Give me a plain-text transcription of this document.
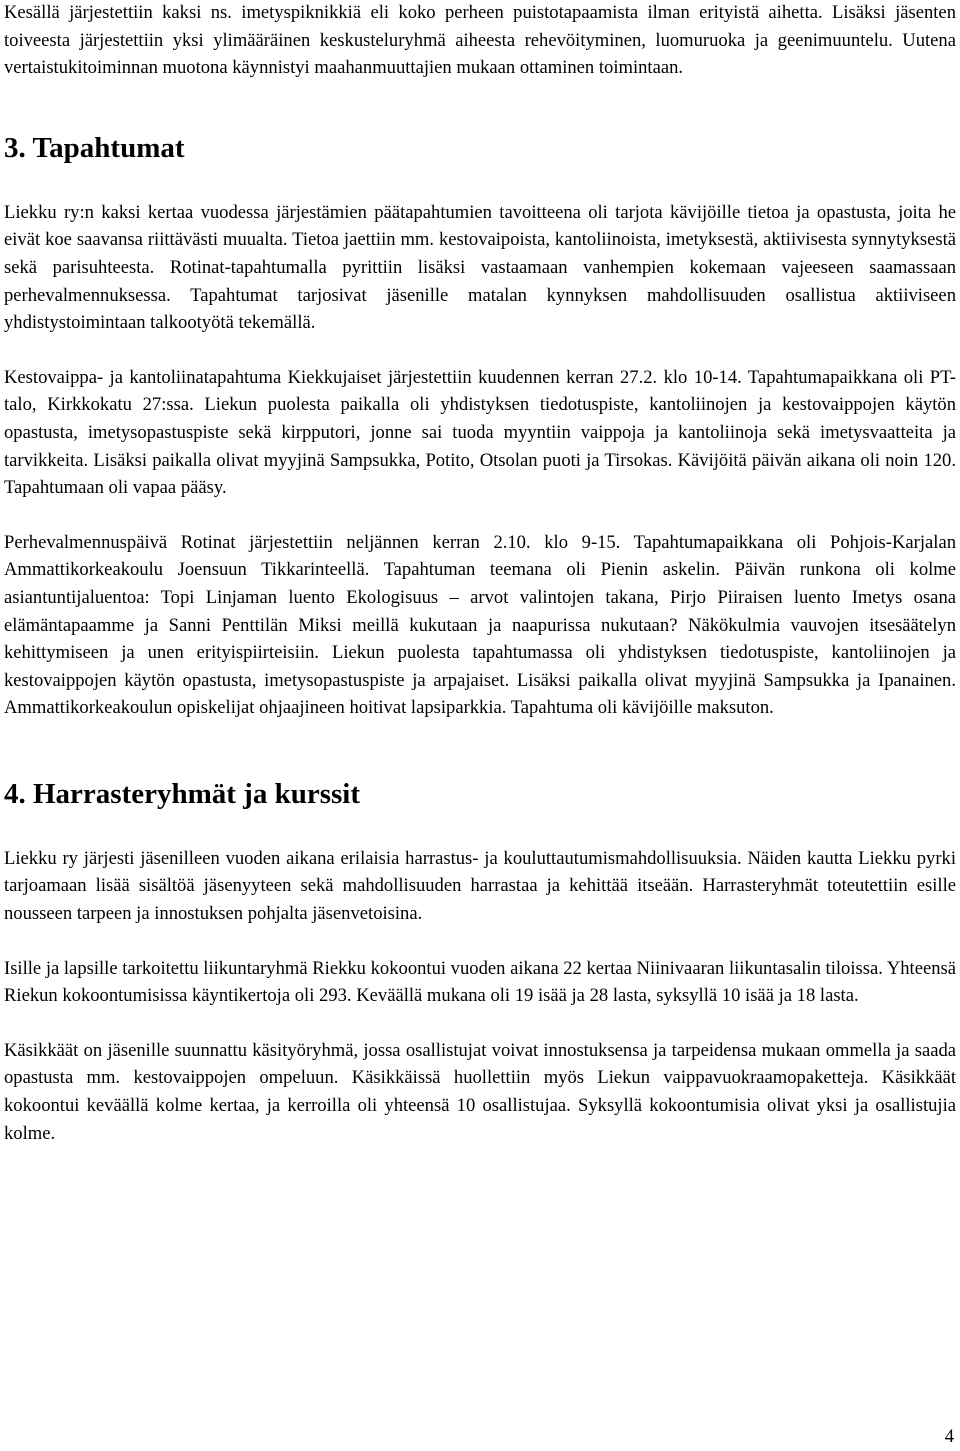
Kesällä järjestettiin kaksi ns. imetyspiknikkiä eli koko perheen puistotapaamista ilman erityistä aihetta. Lisäksi jäsenten toiveesta järjestettiin yksi ylimääräinen keskusteluryhmä aiheesta rehevöityminen, luomuruoka ja geenimuuntelu. Uutena vertaistukitoiminnan muotona käynnistyi maahanmuuttajien mukaan ottaminen toimintaan.

3. Tapahtumat

Liekku ry:n kaksi kertaa vuodessa järjestämien päätapahtumien tavoitteena oli tarjota kävijöille tietoa ja opastusta, joita he eivät koe saavansa riittävästi muualta. Tietoa jaettiin mm. kestovaipoista, kantoliinoista, imetyksestä, aktiivisesta synnytyksestä sekä parisuhteesta. Rotinat-tapahtumalla pyrittiin lisäksi vastaamaan vanhempien kokemaan vajeeseen saamassaan perhevalmennuksessa. Tapahtumat tarjosivat jäsenille matalan kynnyksen mahdollisuuden osallistua aktiiviseen yhdistystoimintaan talkootyötä tekemällä.

Kestovaippa- ja kantoliinatapahtuma Kiekkujaiset järjestettiin kuudennen kerran 27.2. klo 10-14. Tapahtumapaikkana oli PT-talo, Kirkkokatu 27:ssa. Liekun puolesta paikalla oli yhdistyksen tiedotuspiste, kantoliinojen ja kestovaippojen käytön opastusta, imetysopastuspiste sekä kirpputori, jonne sai tuoda myyntiin vaippoja ja kantoliinoja sekä imetysvaatteita ja tarvikkeita. Lisäksi paikalla olivat myyjinä Sampsukka, Potito, Otsolan puoti ja Tirsokas. Kävijöitä päivän aikana oli noin 120. Tapahtumaan oli vapaa pääsy.

Perhevalmennuspäivä Rotinat järjestettiin neljännen kerran 2.10. klo 9-15. Tapahtumapaikkana oli Pohjois-Karjalan Ammattikorkeakoulu Joensuun Tikkarinteellä. Tapahtuman teemana oli Pienin askelin. Päivän runkona oli kolme asiantuntijaluentoa: Topi Linjaman luento Ekologisuus – arvot valintojen takana, Pirjo Piiraisen luento Imetys osana elämäntapaamme ja Sanni Penttilän Miksi meillä kukutaan ja naapurissa nukutaan? Näkökulmia vauvojen itsesäätelyn kehittymiseen ja unen erityispiirteisiin. Liekun puolesta tapahtumassa oli yhdistyksen tiedotuspiste, kantoliinojen ja kestovaippojen käytön opastusta, imetysopastuspiste ja arpajaiset. Lisäksi paikalla olivat myyjinä Sampsukka ja Ipanainen. Ammattikorkeakoulun opiskelijat ohjaajineen hoitivat lapsiparkkia. Tapahtuma oli kävijöille maksuton.

4. Harrasteryhmät ja kurssit

Liekku ry järjesti jäsenilleen vuoden aikana erilaisia harrastus- ja kouluttautumismahdollisuuksia. Näiden kautta Liekku pyrki tarjoamaan lisää sisältöä jäsenyyteen sekä mahdollisuuden harrastaa ja kehittää itseään. Harrasteryhmät toteutettiin esille nousseen tarpeen ja innostuksen pohjalta jäsenvetoisina.

Isille ja lapsille tarkoitettu liikuntaryhmä Riekku kokoontui vuoden aikana 22 kertaa Niinivaaran liikuntasalin tiloissa. Yhteensä Riekun kokoontumisissa käyntikertoja oli 293. Keväällä mukana oli 19 isää ja 28 lasta, syksyllä 10 isää ja 18 lasta.

Käsikkäät on jäsenille suunnattu käsityöryhmä, jossa osallistujat voivat innostuksensa ja tarpeidensa mukaan ommella ja saada opastusta mm. kestovaippojen ompeluun. Käsikkäissä huollettiin myös Liekun vaippavuokraamopaketteja. Käsikkäät kokoontui keväällä kolme kertaa, ja kerroilla oli yhteensä 10 osallistujaa. Syksyllä kokoontumisia olivat yksi ja osallistujia kolme.

4
